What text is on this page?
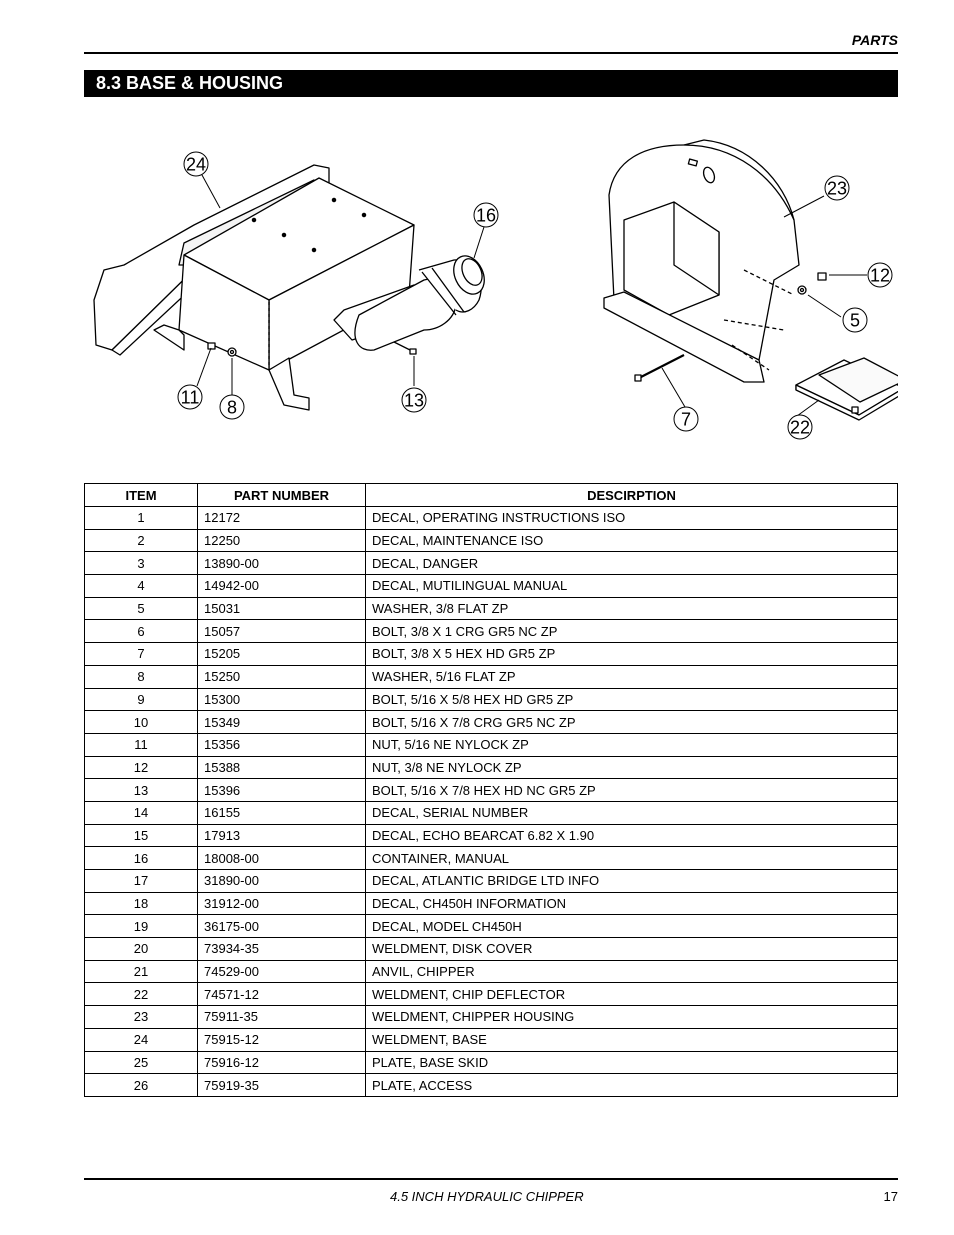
PARTS
8.3 BASE & HOUSING
24
16
11 8	13
23
12
5
7	22
ITEM	PART NUMBER	DESCIRPTION
1	12172	DECAL, OPERATING INSTRUCTIONS ISO
2	12250	DECAL, MAINTENANCE ISO
3	13890-00	DECAL, DANGER
4	14942-00	DECAL, MUTILINGUAL MANUAL
5	15031	WASHER, 3/8 FLAT ZP
6	15057	BOLT, 3/8 X 1 CRG GR5 NC ZP
7	15205	BOLT, 3/8 X 5 HEX HD GR5 ZP
8	15250	WASHER, 5/16 FLAT ZP
9	15300	BOLT, 5/16 X 5/8 HEX HD GR5 ZP
10	15349	BOLT, 5/16 X 7/8 CRG GR5 NC ZP
11	15356	NUT, 5/16 NE NYLOCK ZP
12	15388	NUT, 3/8 NE NYLOCK ZP
13	15396	BOLT, 5/16 X 7/8 HEX HD NC GR5 ZP
14	16155	DECAL, SERIAL NUMBER
15	17913	DECAL, ECHO BEARCAT 6.82 X 1.90
16	18008-00	CONTAINER, MANUAL
17	31890-00	DECAL, ATLANTIC BRIDGE LTD INFO
18	31912-00	DECAL, CH450H INFORMATION
19	36175-00	DECAL, MODEL CH450H
20	73934-35	WELDMENT, DISK COVER
21	74529-00	ANVIL, CHIPPER
22	74571-12	WELDMENT, CHIP DEFLECTOR
23	75911-35	WELDMENT, CHIPPER HOUSING
24	75915-12	WELDMENT, BASE
25	75916-12	PLATE, BASE SKID
26	75919-35	PLATE, ACCESS
4.5 INCH HYDRAULIC CHIPPER	17
